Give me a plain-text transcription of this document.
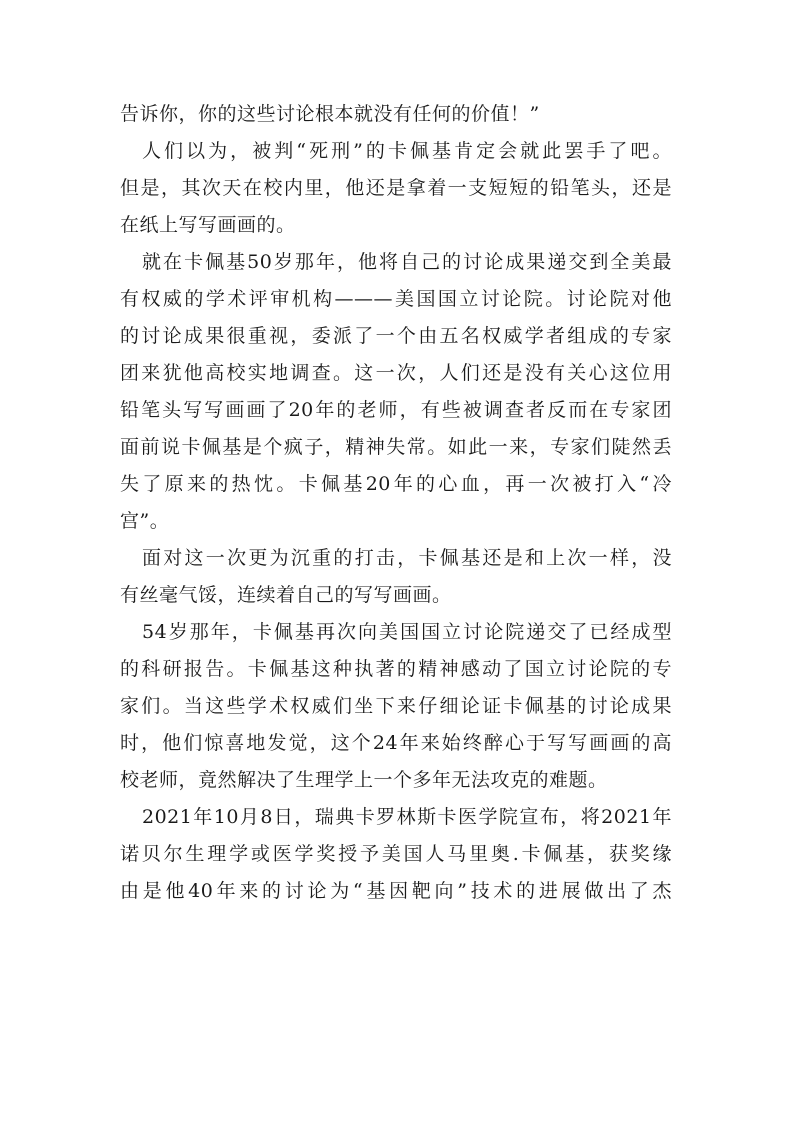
告诉你，你的这些讨论根本就没有任何的价值！”
人们以为，被判“死刑”的卡佩基肯定会就此罢手了吧。
但是，其次天在校内里，他还是拿着一支短短的铅笔头，还是
在纸上写写画画的。
就在卡佩基50岁那年，他将自己的讨论成果递交到全美最
有权威的学术评审机构———美国国立讨论院。讨论院对他
的讨论成果很重视，委派了一个由五名权威学者组成的专家
团来犹他高校实地调查。这一次，人们还是没有关心这位用
铅笔头写写画画了20年的老师，有些被调查者反而在专家团
面前说卡佩基是个疯子，精神失常。如此一来，专家们陡然丢
失了原来的热忱。卡佩基20年的心血，再一次被打入“冷
宫”。
面对这一次更为沉重的打击，卡佩基还是和上次一样，没
有丝毫气馁，连续着自己的写写画画。
54岁那年，卡佩基再次向美国国立讨论院递交了已经成型
的科研报告。卡佩基这种执著的精神感动了国立讨论院的专
家们。当这些学术权威们坐下来仔细论证卡佩基的讨论成果
时，他们惊喜地发觉，这个24年来始终醉心于写写画画的高
校老师，竟然解决了生理学上一个多年无法攻克的难题。
2021年10月8日，瑞典卡罗林斯卡医学院宣布，将2021年
诺贝尔生理学或医学奖授予美国人马里奥.卡佩基，获奖缘
由是他40年来的讨论为“基因靶向”技术的进展做出了杰
